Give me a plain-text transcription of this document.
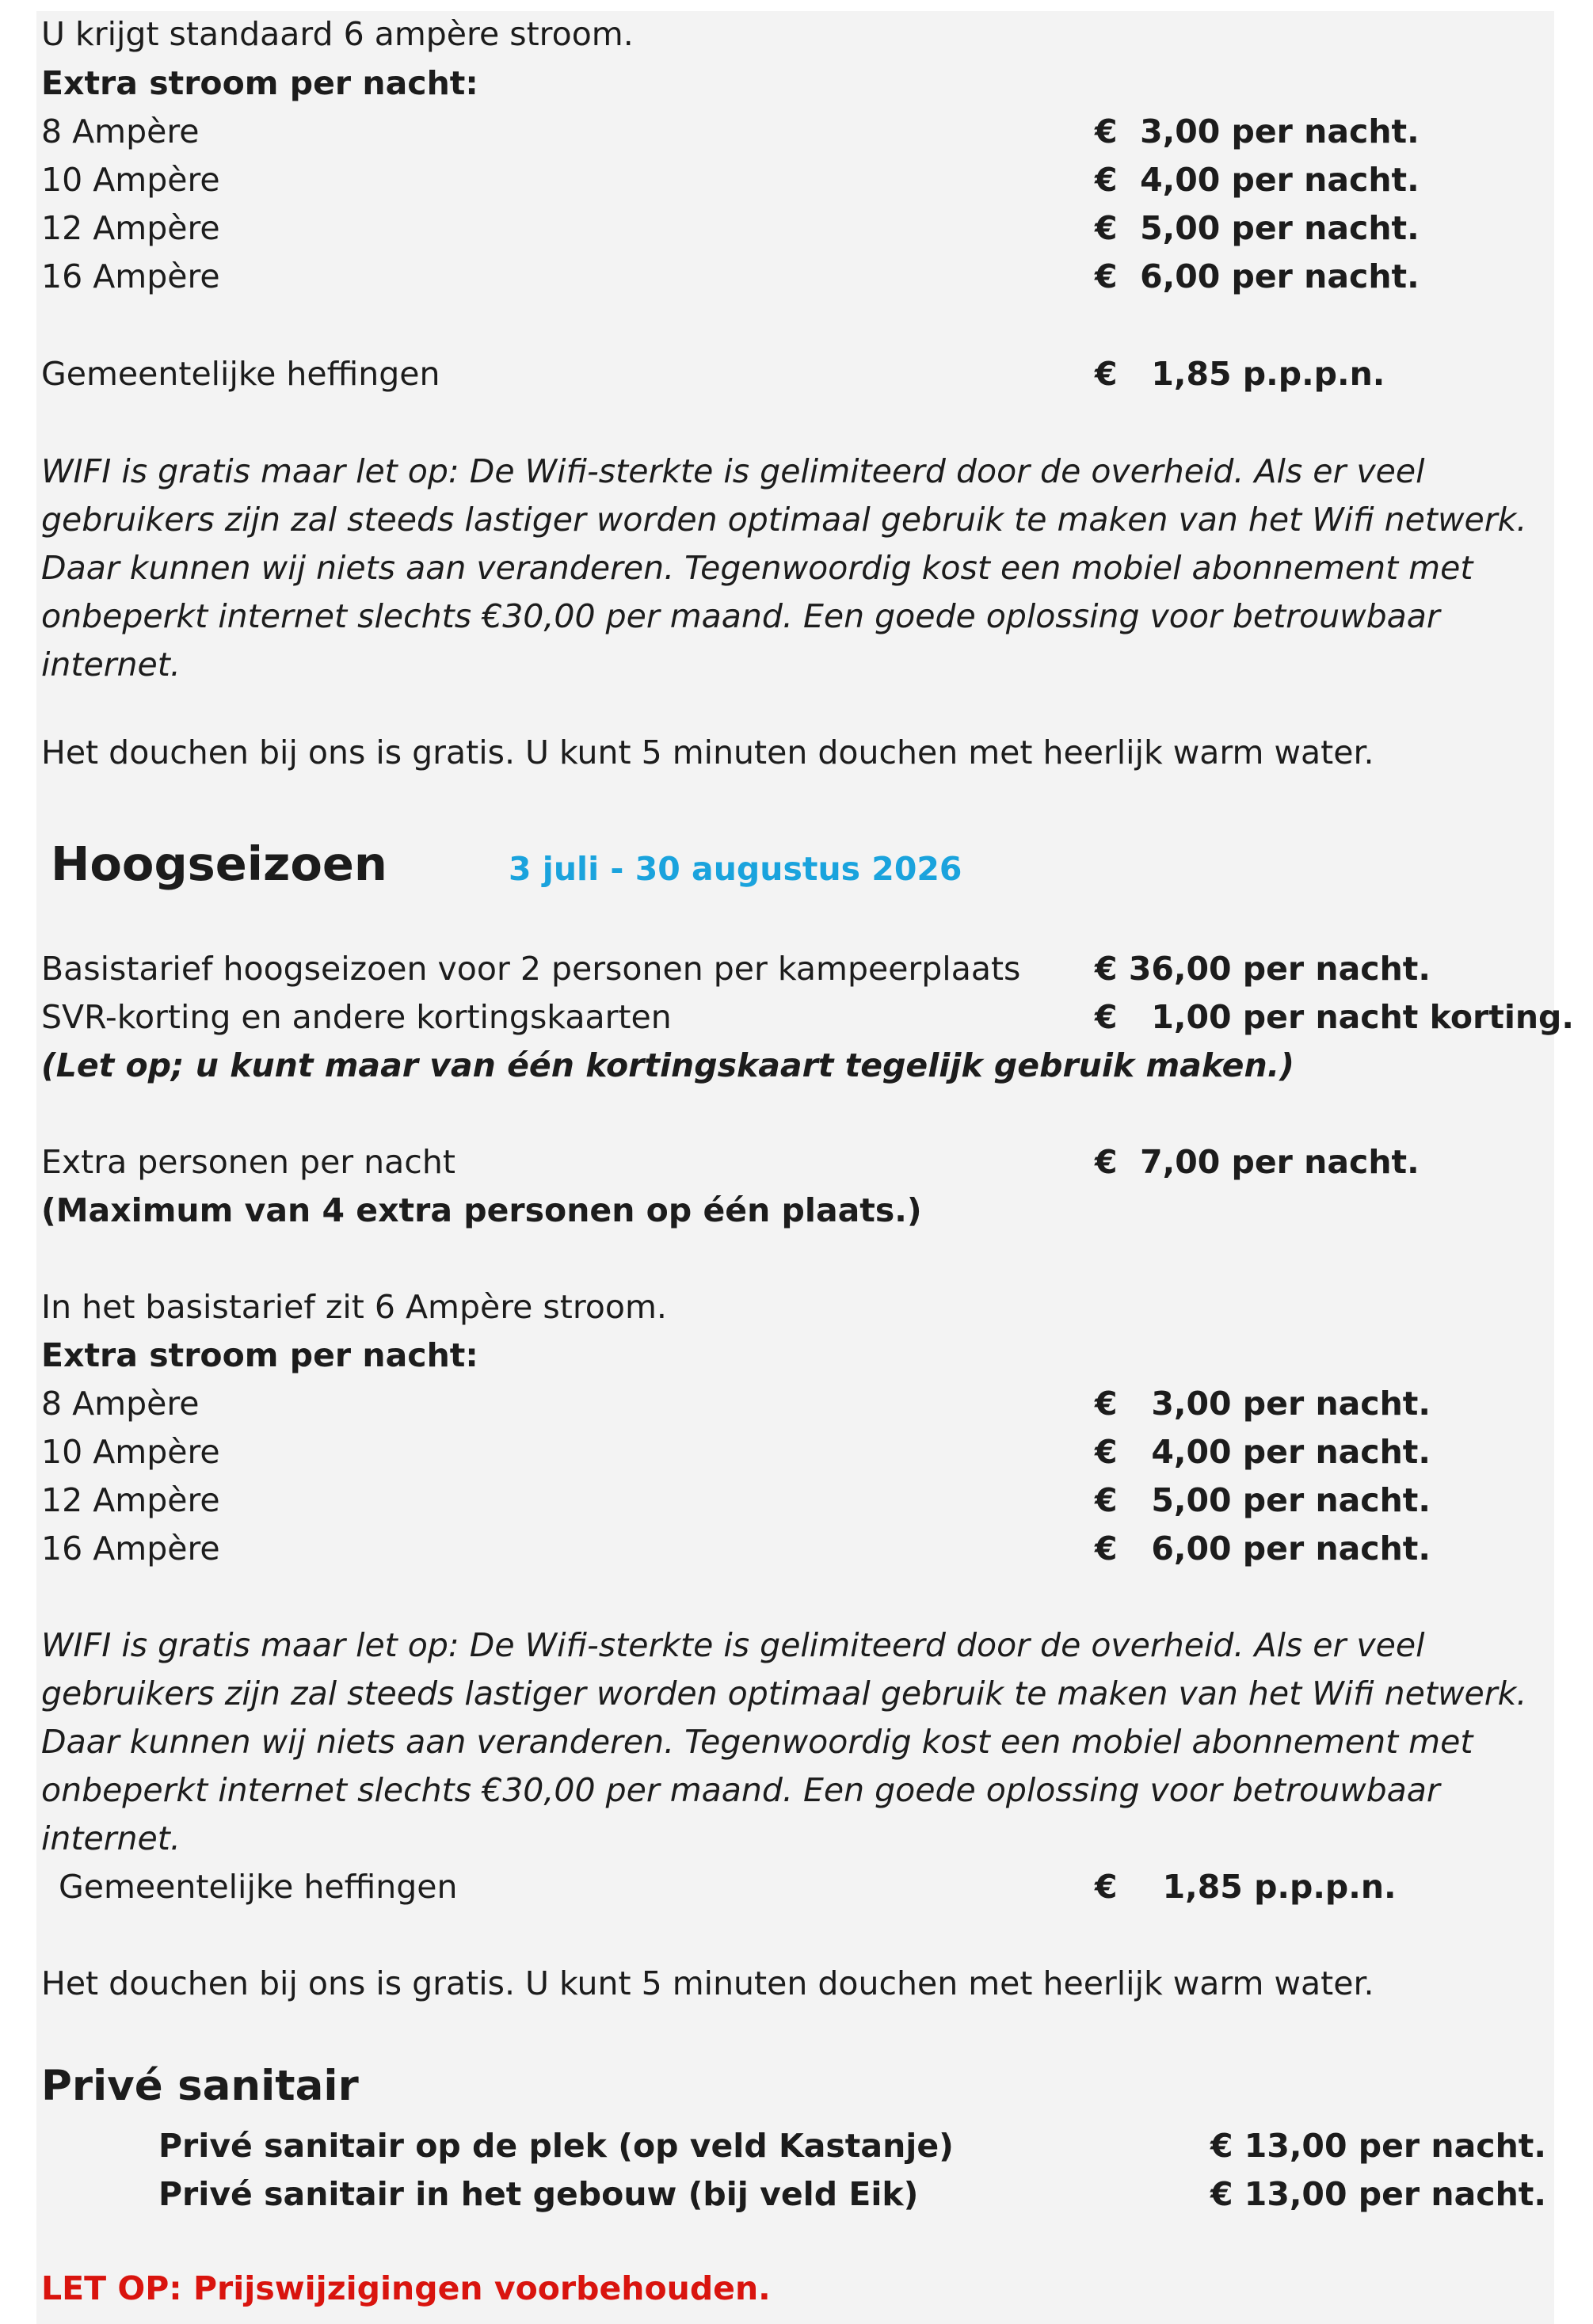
U krijgt standaard 6 ampère stroom.
Extra stroom per nacht:
8 Ampère	€ 3,00 per nacht.
10 Ampère	€ 4,00 per nacht.
12 Ampère	€ 5,00 per nacht.
16 Ampère	€ 6,00 per nacht.
Gemeentelijke heffingen	€ 1,85 p.p.p.n.
WIFI is gratis maar let op: De Wifi-sterkte is gelimiteerd door de overheid. Als er veel
gebruikers zijn zal steeds lastiger worden optimaal gebruik te maken van het Wifi netwerk.
Daar kunnen wij niets aan veranderen. Tegenwoordig kost een mobiel abonnement met
onbeperkt internet slechts €30,00 per maand. Een goede oplossing voor betrouwbaar
internet.
Het douchen bij ons is gratis. U kunt 5 minuten douchen met heerlijk warm water.
Hoogseizoen	3 juli - 30 augustus 2026
Basistarief hoogseizoen voor 2 personen per kampeerplaats € 36,00 per nacht.
SVR-korting en andere kortingskaarten	€ 1,00 per nacht korting.
(Let op; u kunt maar van één kortingskaart tegelijk gebruik maken.)
Extra personen per nacht	€ 7,00 per nacht.
(Maximum van 4 extra personen op één plaats.)
In het basistarief zit 6 Ampère stroom.
Extra stroom per nacht:
8 Ampère	€ 3,00 per nacht.
10 Ampère	€ 4,00 per nacht.
12 Ampère	€ 5,00 per nacht.
16 Ampère	€ 6,00 per nacht.
WIFI is gratis maar let op: De Wifi-sterkte is gelimiteerd door de overheid. Als er veel
gebruikers zijn zal steeds lastiger worden optimaal gebruik te maken van het Wifi netwerk.
Daar kunnen wij niets aan veranderen. Tegenwoordig kost een mobiel abonnement met
onbeperkt internet slechts €30,00 per maand. Een goede oplossing voor betrouwbaar
internet.
Gemeentelijke heffingen	€ 1,85 p.p.p.n.
Het douchen bij ons is gratis. U kunt 5 minuten douchen met heerlijk warm water.
Privé sanitair
Privé sanitair op de plek (op veld Kastanje)	€ 13,00 per nacht.
Privé sanitair in het gebouw (bij veld Eik)	€ 13,00 per nacht.
LET OP: Prijswijzigingen voorbehouden.
